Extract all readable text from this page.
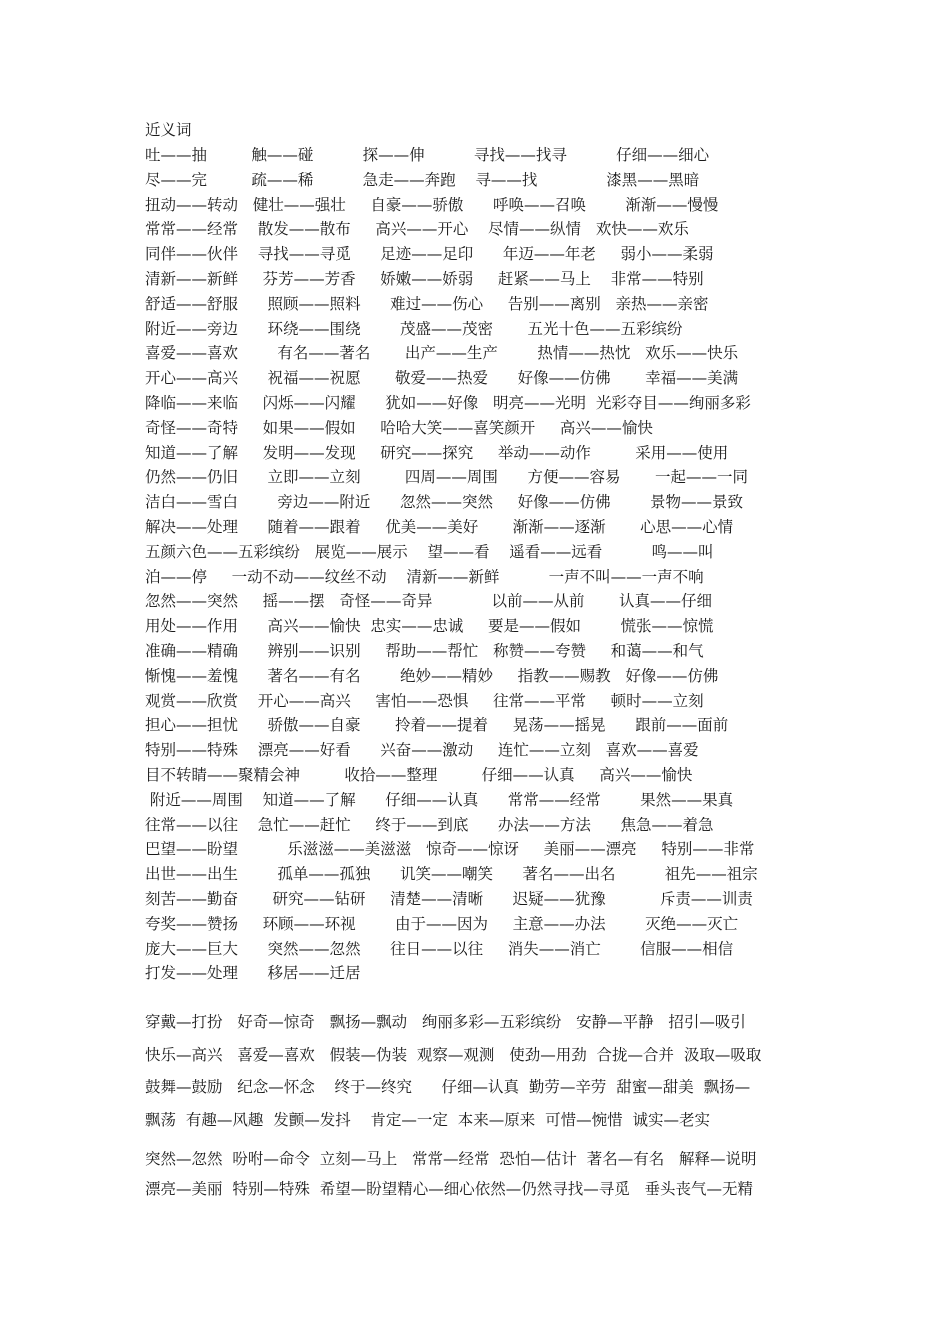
近义词
吐——抽         触——碰          探——伸          寻找——找寻          仔细——细心
尽——完         疏——稀          急走——奔跑    寻——找              漆黑——黑暗
扭动——转动   健壮——强壮     自豪——骄傲      呼唤——召唤        渐渐——慢慢
常常——经常    散发——散布     高兴——开心    尽情——纵情   欢快——欢乐
同伴——伙伴    寻找——寻觅      足迹——足印      年迈——年老     弱小——柔弱
清新——新鲜     芬芳——芳香     娇嫩——娇弱     赶紧——马上    非常——特别
舒适——舒服      照顾——照料      难过——伤心     告别——离别   亲热——亲密
附近——旁边      环绕——围绕        茂盛——茂密       五光十色——五彩缤纷
喜爱——喜欢        有名——著名       出产——生产        热情——热忱   欢乐——快乐
开心——高兴      祝福——祝愿       敬爱——热爱      好像——仿佛       幸福——美满
降临——来临     闪烁——闪耀      犹如——好像   明亮——光明  光彩夺目——绚丽多彩
奇怪——奇特     如果——假如     哈哈大笑——喜笑颜开     高兴——愉快
知道——了解     发明——发现     研究——探究     举动——动作         采用——使用
仍然——仍旧      立即——立刻         四周——周围      方便——容易       一起——一同
洁白——雪白        旁边——附近      忽然——突然     好像——仿佛        景物——景致
解决——处理      随着——跟着     优美——美好       渐渐——逐渐       心思——心情
五颜六色——五彩缤纷   展览——展示    望——看    遥看——远看          鸣——叫
泊——停     一动不动——纹丝不动    清新——新鲜          一声不叫——一声不响
忽然——突然     摇——摆   奇怪——奇异            以前——从前       认真——仔细
用处——作用      高兴——愉快  忠实——忠诚     要是——假如        慌张——惊慌
准确——精确      辨别——识别     帮助——帮忙   称赞——夸赞     和蔼——和气
惭愧——羞愧      著名——有名        绝妙——精妙     指教——赐教   好像——仿佛
观赏——欣赏    开心——高兴     害怕——恐惧     往常——平常     顿时——立刻
担心——担忧      骄傲——自豪       拎着——提着     晃荡——摇晃      跟前——面前
特别——特殊    漂亮——好看      兴奋——激动     连忙——立刻   喜欢——喜爱
目不转睛——聚精会神         收拾——整理         仔细——认真     高兴——愉快
附近——周围    知道——了解      仔细——认真      常常——经常        果然——果真
往常——以往    急忙——赶忙     终于——到底      办法——方法      焦急——着急
巴望——盼望          乐滋滋——美滋滋   惊奇——惊讶     美丽——漂亮     特别——非常
出世——出生        孤单——孤独      讥笑——嘲笑      著名——出名          祖先——祖宗
刻苦——勤奋       研究——钻研     清楚——清晰      迟疑——犹豫           斥责——训责
夸奖——赞扬     环顾——环视        由于——因为     主意——办法        灭绝——灭亡
庞大——巨大      突然——忽然      往日——以往     消失——消亡        信服——相信
打发——处理      移居——迁居
穿戴—打扮   好奇—惊奇   飘扬—飘动   绚丽多彩—五彩缤纷   安静—平静   招引—吸引
快乐—高兴   喜爱—喜欢   假装—伪装  观察—观测   使劲—用劲  合拢—合并  汲取—吸取
鼓舞—鼓励   纪念—怀念    终于—终究      仔细—认真  勤劳—辛劳  甜蜜—甜美  飘扬—
飘荡  有趣—风趣  发颤—发抖    肯定—一定  本来—原来  可惜—惋惜  诚实—老实
突然—忽然  吩咐—命令  立刻—马上   常常—经常  恐怕—估计  著名—有名   解释—说明
漂亮—美丽  特别—特殊  希望—盼望精心—细心依然—仍然寻找—寻觅   垂头丧气—无精
